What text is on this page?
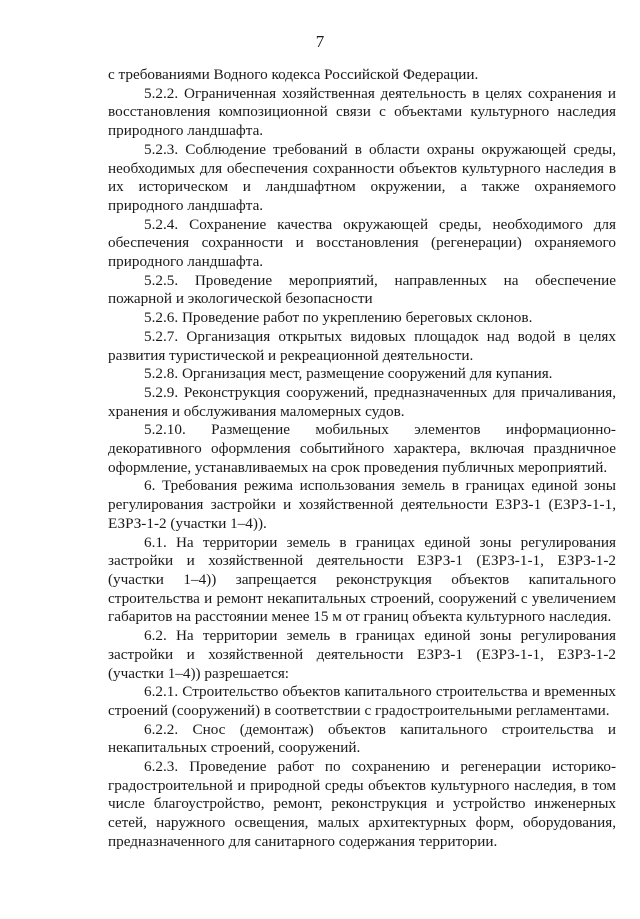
7

с требованиями Водного кодекса Российской Федерации.

5.2.2. Ограниченная хозяйственная деятельность в целях сохранения и восстановления композиционной связи с объектами культурного наследия природного ландшафта.

5.2.3. Соблюдение требований в области охраны окружающей среды, необходимых для обеспечения сохранности объектов культурного наследия в их историческом и ландшафтном окружении, а также охраняемого природного ландшафта.

5.2.4. Сохранение качества окружающей среды, необходимого для обеспечения сохранности и восстановления (регенерации) охраняемого природного ландшафта.

5.2.5. Проведение мероприятий, направленных на обеспечение пожарной и экологической безопасности

5.2.6. Проведение работ по укреплению береговых склонов.

5.2.7. Организация открытых видовых площадок над водой в целях развития туристической и рекреационной деятельности.

5.2.8. Организация мест, размещение сооружений для купания.

5.2.9. Реконструкция сооружений, предназначенных для причаливания, хранения и обслуживания маломерных судов.

5.2.10. Размещение мобильных элементов информационно-декоративного оформления событийного характера, включая праздничное оформление, устанавливаемых на срок проведения публичных мероприятий.

6. Требования режима использования земель в границах единой зоны регулирования застройки и хозяйственной деятельности ЕЗРЗ-1 (ЕЗРЗ-1-1, ЕЗРЗ-1-2 (участки 1–4)).

6.1. На территории земель в границах единой зоны регулирования застройки и хозяйственной деятельности ЕЗРЗ-1 (ЕЗРЗ-1-1, ЕЗРЗ-1-2 (участки 1–4)) запрещается реконструкция объектов капитального строительства и ремонт некапитальных строений, сооружений с увеличением габаритов на расстоянии менее 15 м от границ объекта культурного наследия.

6.2. На территории земель в границах единой зоны регулирования застройки и хозяйственной деятельности ЕЗРЗ-1 (ЕЗРЗ-1-1, ЕЗРЗ-1-2 (участки 1–4)) разрешается:

6.2.1. Строительство объектов капитального строительства и временных строений (сооружений) в соответствии с градостроительными регламентами.

6.2.2. Снос (демонтаж) объектов капитального строительства и некапитальных строений, сооружений.

6.2.3. Проведение работ по сохранению и регенерации историко-градостроительной и природной среды объектов культурного наследия, в том числе благоустройство, ремонт, реконструкция и устройство инженерных сетей, наружного освещения, малых архитектурных форм, оборудования, предназначенного для санитарного содержания территории.
